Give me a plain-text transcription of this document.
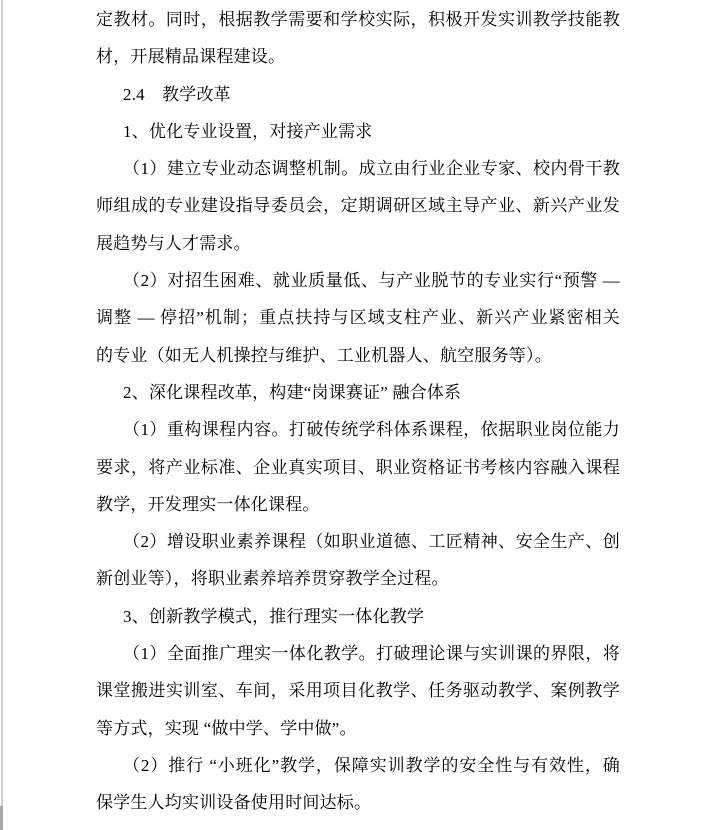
定教材。同时，根据教学需要和学校实际，积极开发实训教学技能教
材，开展精品课程建设。
2.4　教学改革
1、优化专业设置，对接产业需求
（1）建立专业动态调整机制。成立由行业企业专家、校内骨干教
师组成的专业建设指导委员会，定期调研区域主导产业、新兴产业发
展趋势与人才需求。
（2）对招生困难、就业质量低、与产业脱节的专业实行“预警 —
调整 — 停招”机制；重点扶持与区域支柱产业、新兴产业紧密相关
的专业（如无人机操控与维护、工业机器人、航空服务等）。
2、深化课程改革，构建“岗课赛证” 融合体系
（1）重构课程内容。打破传统学科体系课程，依据职业岗位能力
要求，将产业标准、企业真实项目、职业资格证书考核内容融入课程
教学，开发理实一体化课程。
（2）增设职业素养课程（如职业道德、工匠精神、安全生产、创
新创业等），将职业素养培养贯穿教学全过程。
3、创新教学模式，推行理实一体化教学
（1）全面推广理实一体化教学。打破理论课与实训课的界限，将
课堂搬进实训室、车间，采用项目化教学、任务驱动教学、案例教学
等方式，实现 “做中学、学中做”。
（2）推行 “小班化”教学，保障实训教学的安全性与有效性，确
保学生人均实训设备使用时间达标。
